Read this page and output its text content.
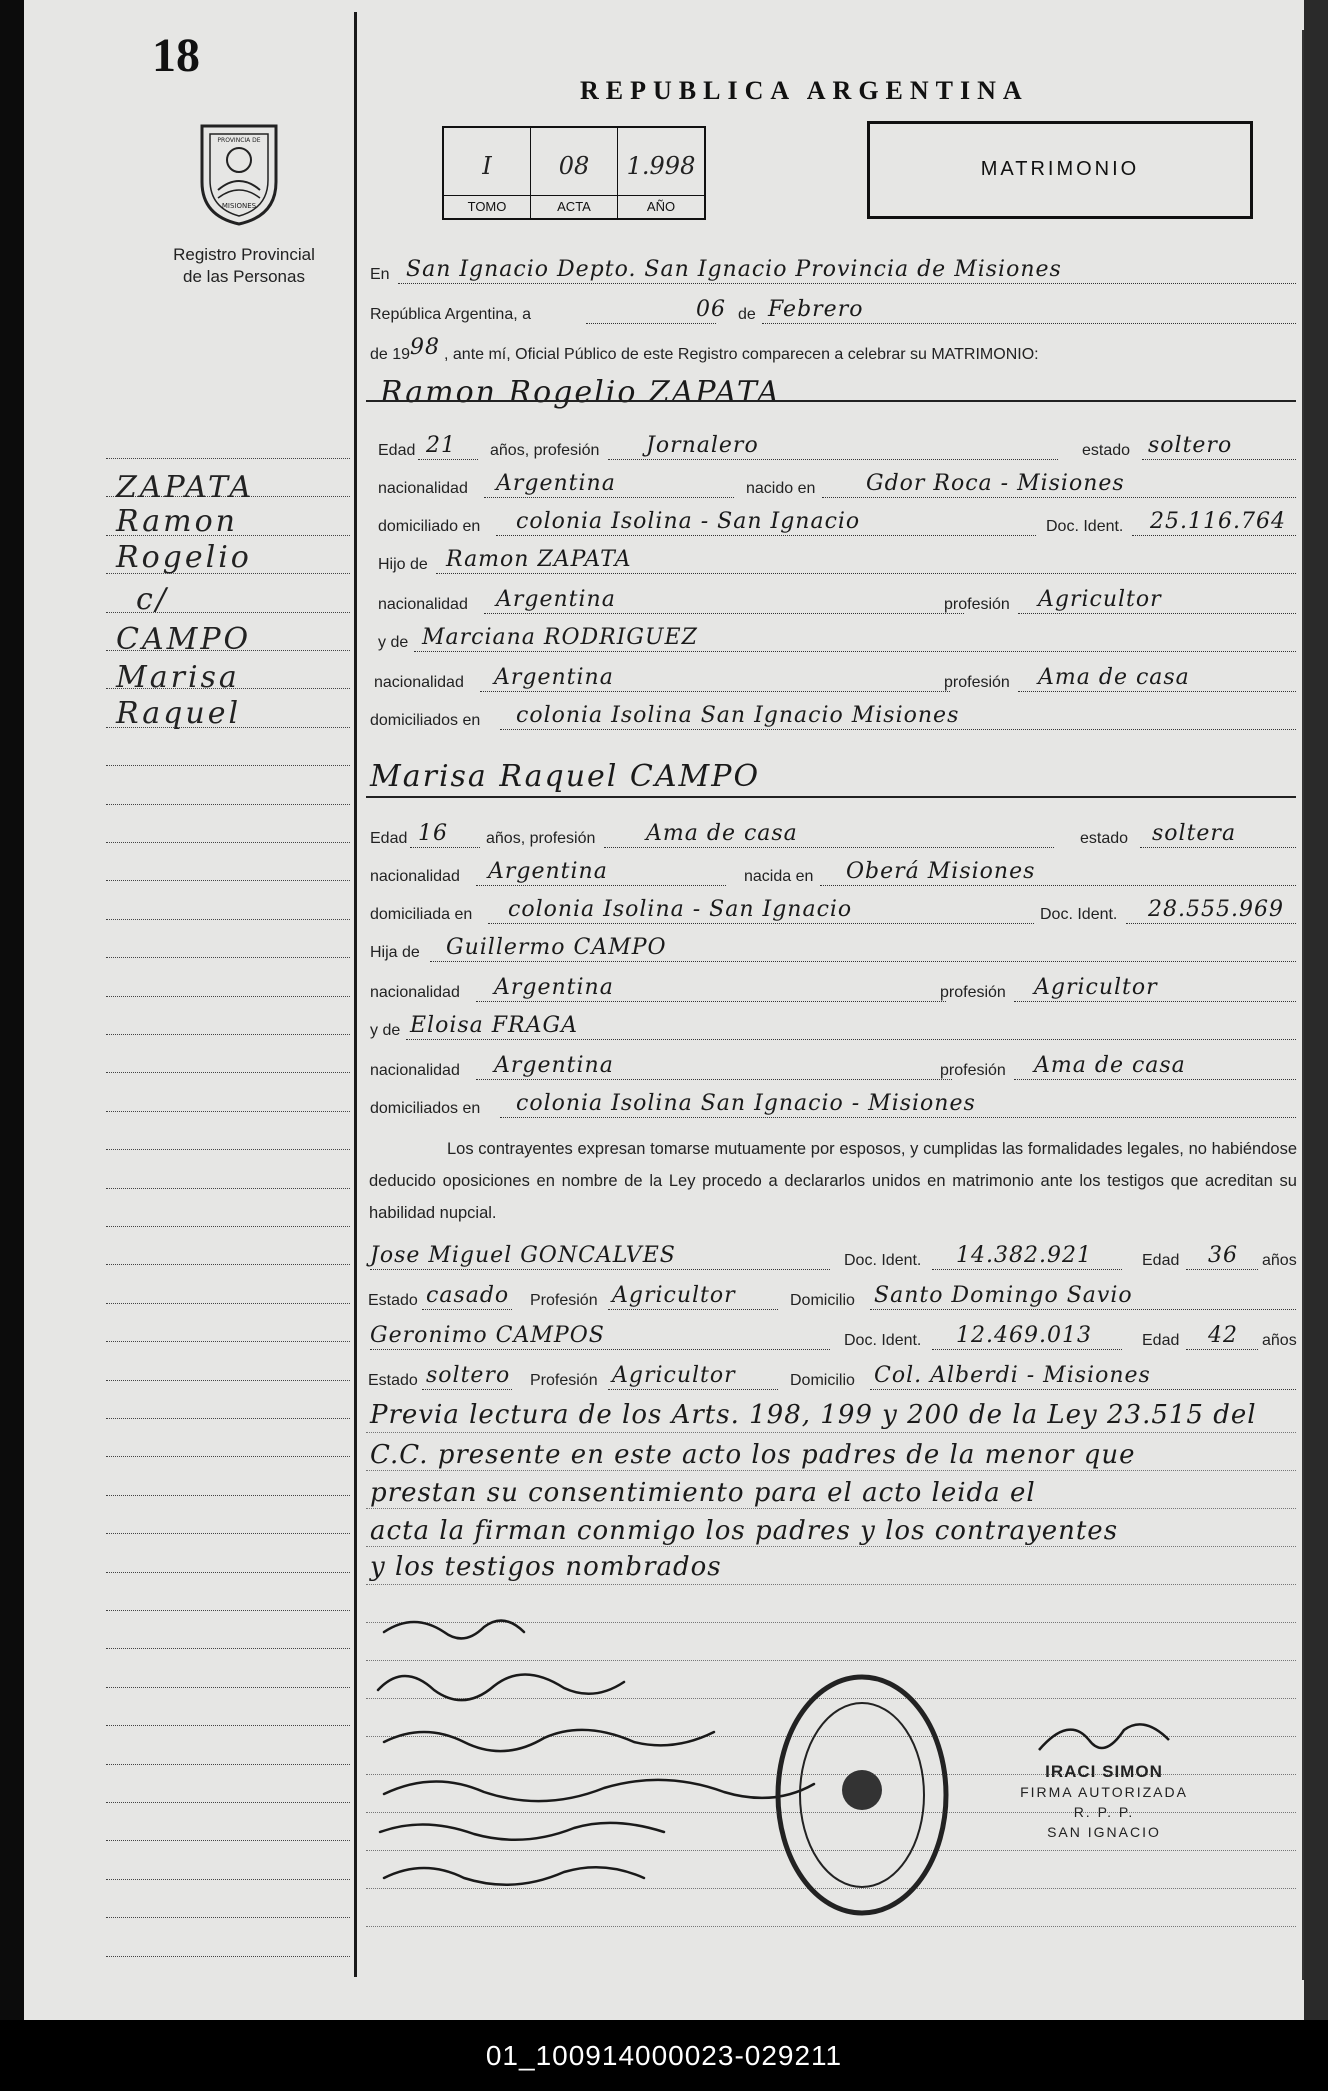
18
PROVINCIA DE
MISIONES
Registro Provincial
de las Personas
ZAPATA
Ramon
Rogelio
c/
CAMPO
Marisa
Raquel
REPUBLICA ARGENTINA
I
TOMO
08
ACTA
1.998
AÑO
MATRIMONIO
En San Ignacio Depto. San Ignacio Provincia de Misiones
República Argentina, a	06 de Febrero
de 19 98 , ante mí, Oficial Público de este Registro comparecen a celebrar su MATRIMONIO:
Ramon Rogelio ZAPATA
Edad 21 años, profesión Jornalero	estado soltero
nacionalidad Argentina	nacido en Gdor Roca - Misiones
domiciliado en colonia Isolina - San Ignacio	Doc. Ident. 25.116.764
Hijo de Ramon ZAPATA
nacionalidad Argentina	profesión Agricultor
y de Marciana RODRIGUEZ
nacionalidad Argentina	profesión Ama de casa
domiciliados en colonia Isolina San Ignacio Misiones
Marisa Raquel CAMPO
Edad 16 años, profesión Ama de casa	estado soltera
nacionalidad Argentina	nacida en Oberá Misiones
domiciliada en colonia Isolina - San Ignacio	Doc. Ident. 28.555.969
Hija de Guillermo CAMPO
nacionalidad Argentina	profesión Agricultor
y de Eloisa FRAGA
nacionalidad Argentina	profesión Ama de casa
domiciliados en colonia Isolina San Ignacio - Misiones
Los contrayentes expresan tomarse mutuamente por esposos, y cumplidas las formalidades legales, no habiéndose deducido oposiciones en nombre de la Ley procedo a declararlos unidos en matrimonio ante los testigos que acreditan su habilidad nupcial.
Jose Miguel GONCALVES	Doc. Ident. 14.382.921	Edad 36 años
Estado casado Profesión Agricultor	Domicilio Santo Domingo Savio
Geronimo CAMPOS	Doc. Ident. 12.469.013	Edad 42 años
Estado soltero Profesión Agricultor	Domicilio Col. Alberdi - Misiones
Previa lectura de los Arts. 198, 199 y 200 de la Ley 23.515 del
C.C. presente en este acto los padres de la menor que
prestan su consentimiento para el acto leida el
acta la firman conmigo los padres y los contrayentes
y los testigos nombrados
IRACI SIMON
FIRMA AUTORIZADA
R. P. P.
SAN IGNACIO
01_100914000023-029211
